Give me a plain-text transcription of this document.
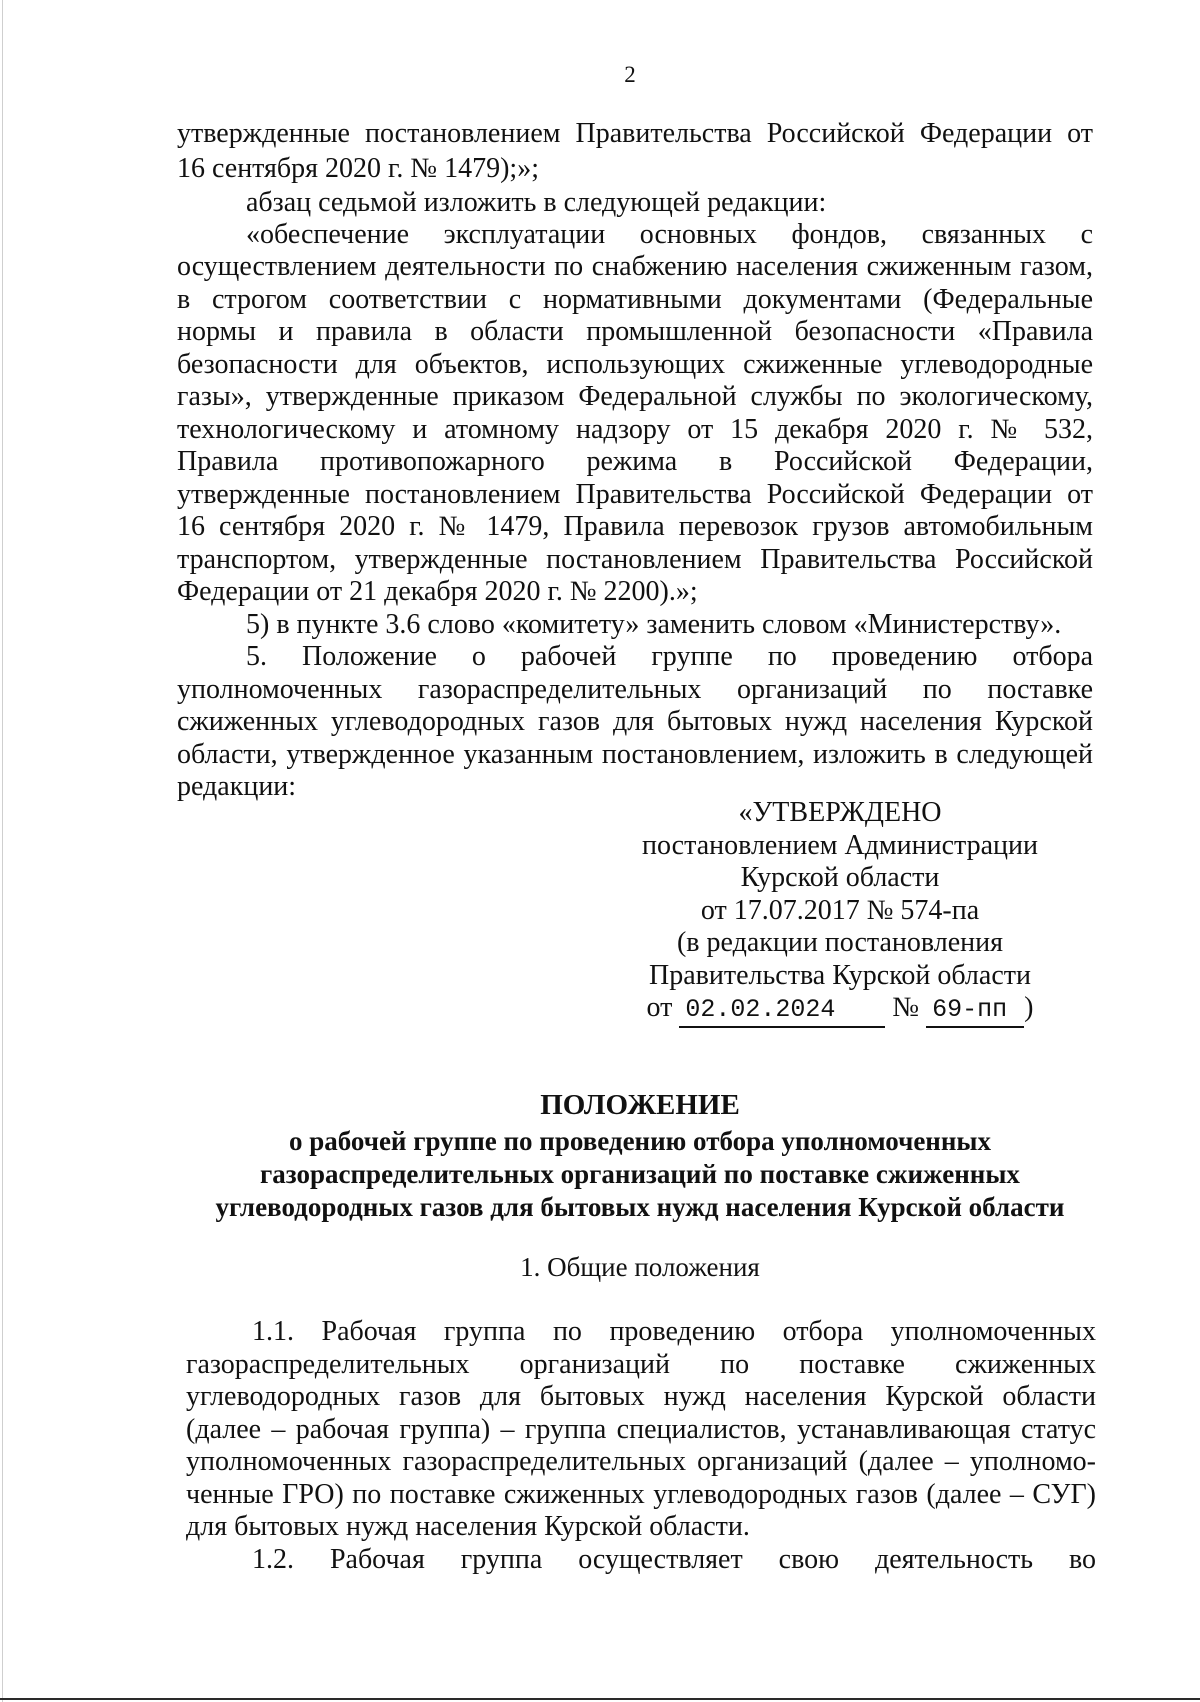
2
утвержденные постановлением Правительства Российской Федерации от
16 сентября 2020 г. № 1479);»;
абзац седьмой изложить в следующей редакции:
«обеспечение эксплуатации основных фондов, связанных с
осуществлением деятельности по снабжению населения сжиженным газом,
в строгом соответствии с нормативными документами (Федеральные
нормы и правила в области промышленной безопасности «Правила
безопасности для объектов, использующих сжиженные углеводородные
газы», утвержденные приказом Федеральной службы по экологическому,
технологическому и атомному надзору от 15 декабря 2020 г. № 532,
Правила противопожарного режима в Российской Федерации,
утвержденные постановлением Правительства Российской Федерации от
16 сентября 2020 г. № 1479, Правила перевозок грузов автомобильным
транспортом, утвержденные постановлением Правительства Российской
Федерации от 21 декабря 2020 г. № 2200).»;
5) в пункте 3.6 слово «комитету» заменить словом «Министерству».
5. Положение о рабочей группе по проведению отбора
уполномоченных газораспределительных организаций по поставке
сжиженных углеводородных газов для бытовых нужд населения Курской
области, утвержденное указанным постановлением, изложить в следующей
редакции:
«УТВЕРЖДЕНО
постановлением Администрации
Курской области
от 17.07.2017 № 574-па
(в редакции постановления
Правительства Курской области
от 02.02.2024 № 69-пп )
ПОЛОЖЕНИЕ
о рабочей группе по проведению отбора уполномоченных
газораспределительных организаций по поставке сжиженных
углеводородных газов для бытовых нужд населения Курской области
1. Общие положения
1.1. Рабочая группа по проведению отбора уполномоченных
газораспределительных организаций по поставке сжиженных
углеводородных газов для бытовых нужд населения Курской области
(далее – рабочая группа) – группа специалистов, устанавливающая статус
уполномоченных газораспределительных организаций (далее – уполномо-
ченные ГРО) по поставке сжиженных углеводородных газов (далее – СУГ)
для бытовых нужд населения Курской области.
1.2. Рабочая группа осуществляет свою деятельность во
